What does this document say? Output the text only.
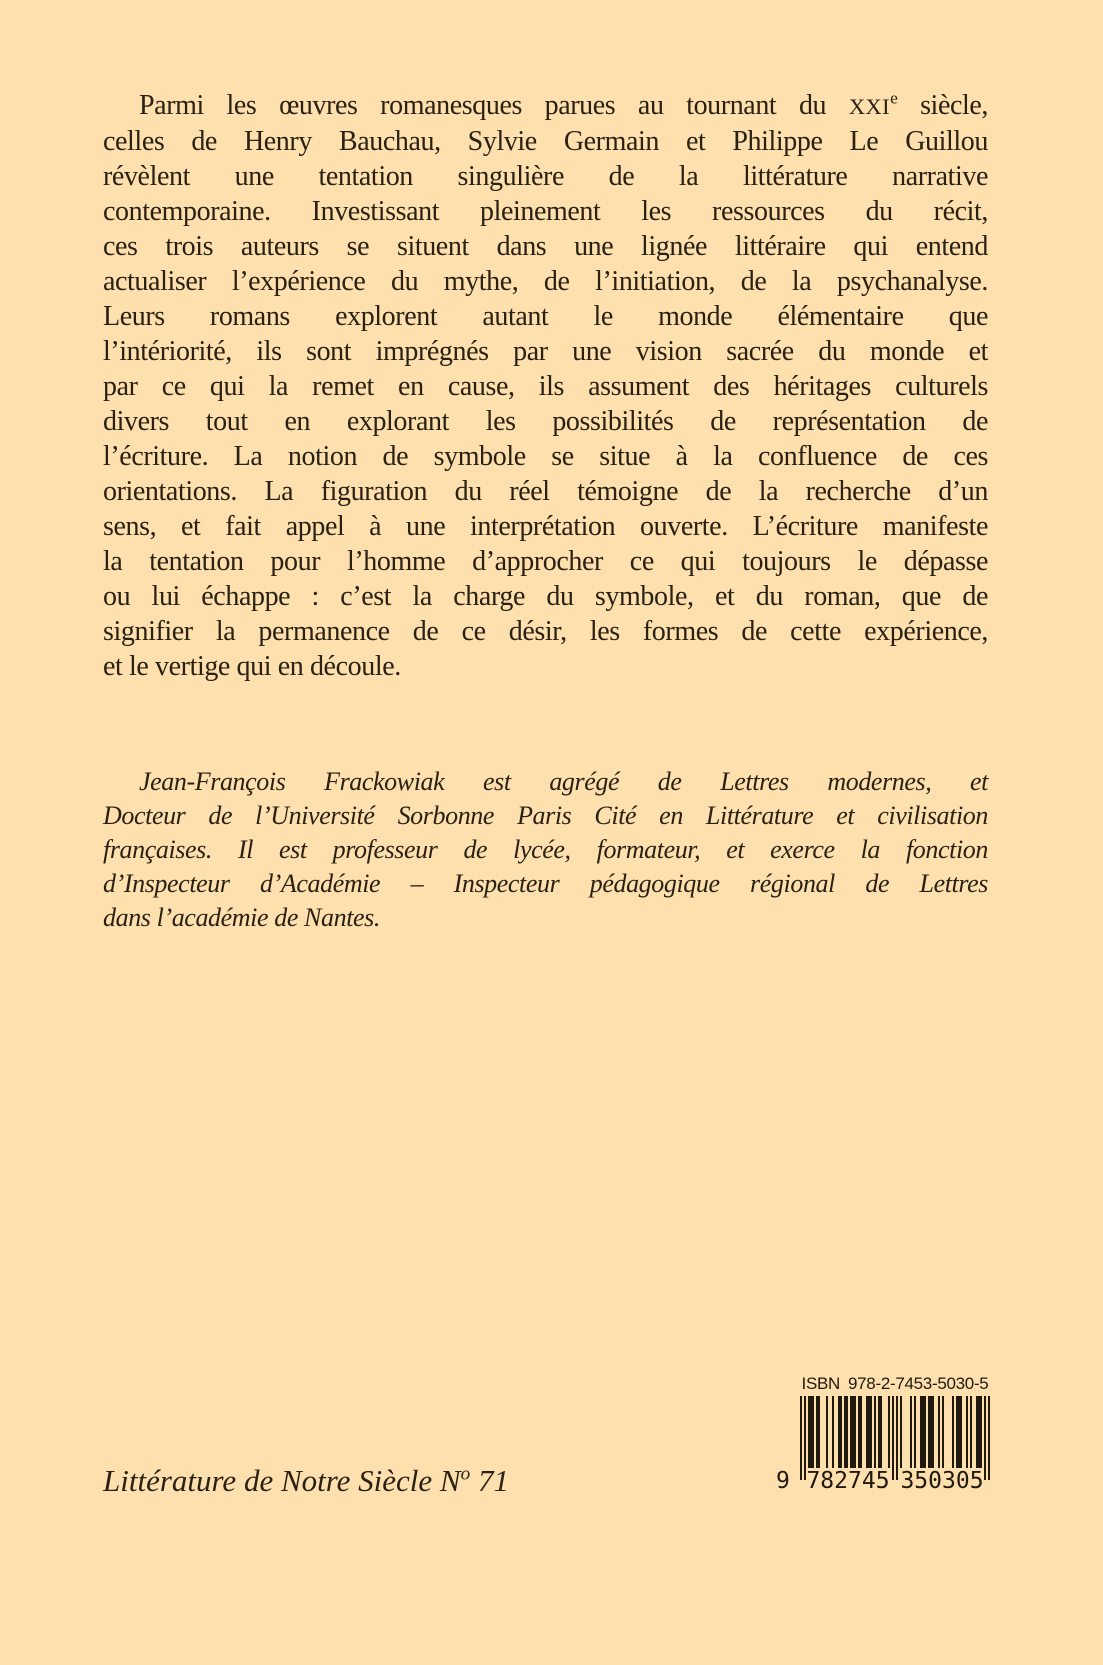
Parmi les œuvres romanesques parues au tournant du XXIe siècle,
celles de Henry Bauchau, Sylvie Germain et Philippe Le Guillou
révèlent une tentation singulière de la littérature narrative
contemporaine. Investissant pleinement les ressources du récit,
ces trois auteurs se situent dans une lignée littéraire qui entend
actualiser l’expérience du mythe, de l’initiation, de la psychanalyse.
Leurs romans explorent autant le monde élémentaire que
l’intériorité, ils sont imprégnés par une vision sacrée du monde et
par ce qui la remet en cause, ils assument des héritages culturels
divers tout en explorant les possibilités de représentation de
l’écriture. La notion de symbole se situe à la confluence de ces
orientations. La figuration du réel témoigne de la recherche d’un
sens, et fait appel à une interprétation ouverte. L’écriture manifeste
la tentation pour l’homme d’approcher ce qui toujours le dépasse
ou lui échappe : c’est la charge du symbole, et du roman, que de
signifier la permanence de ce désir, les formes de cette expérience,
et le vertige qui en découle.
Jean-François Frackowiak est agrégé de Lettres modernes, et
Docteur de l’Université Sorbonne Paris Cité en Littérature et civilisation
françaises. Il est professeur de lycée, formateur, et exerce la fonction
d’Inspecteur d’Académie – Inspecteur pédagogique régional de Lettres
dans l’académie de Nantes.
Littérature de Notre Siècle $N^o$ 71
ISBN 978-2-7453-5030-5
9 782745 350305
